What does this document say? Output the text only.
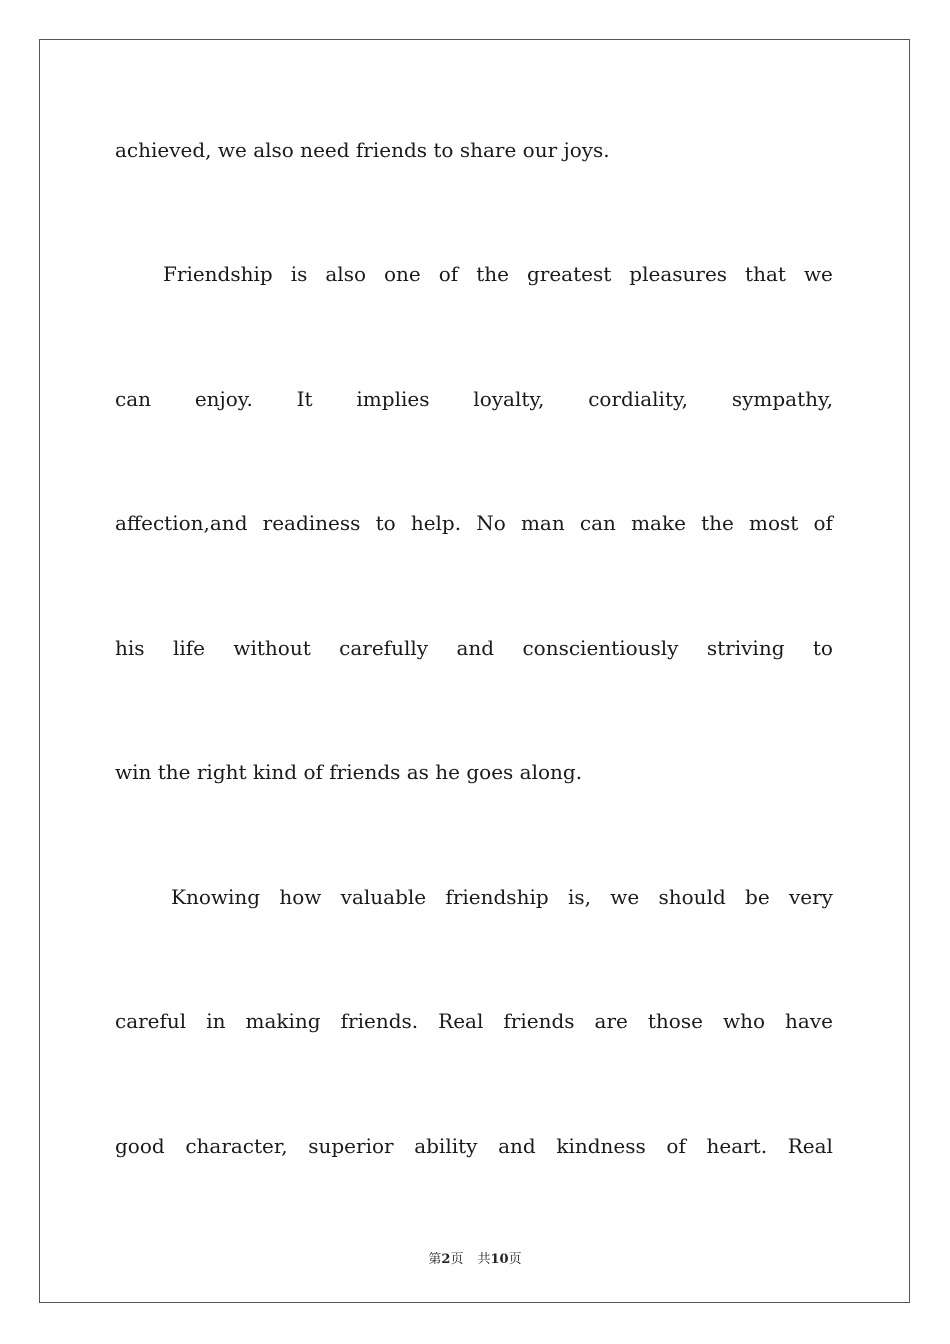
achieved, we also need friends to share our joys.
Friendship is also one of the greatest pleasures that we
can enjoy. It implies loyalty, cordiality, sympathy,
affection,and readiness to help. No man can make the most of
his life without carefully and conscientiously striving to
win the right kind of friends as he goes along.
Knowing how valuable friendship is, we should be very
careful in making friends. Real friends are those who have
good character, superior ability and kindness of heart. Real
第2页 共10页
